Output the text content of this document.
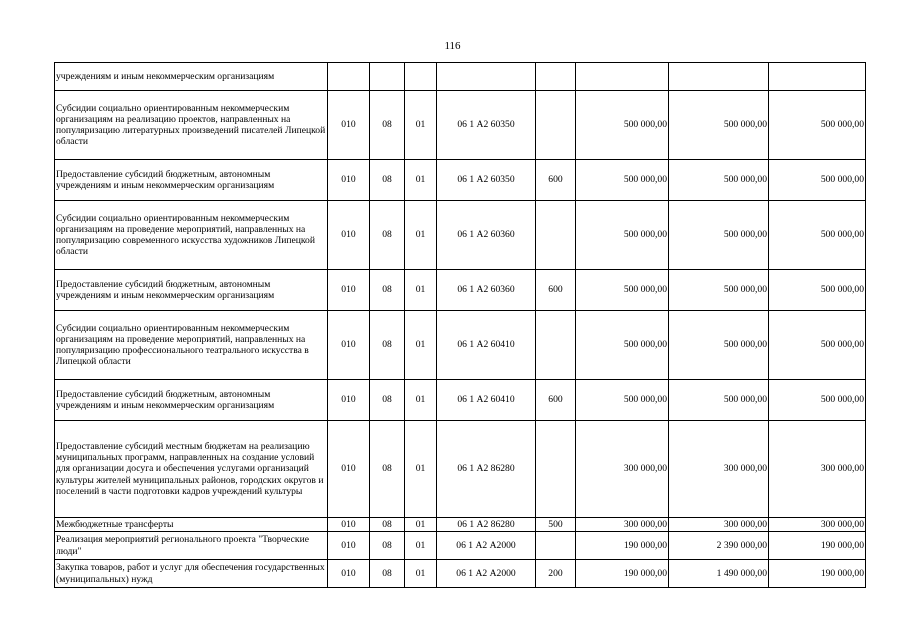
116
учреждениям и иным некоммерческим организациям								
Субсидии социально ориентированным некоммерческим организациям на реализацию проектов, направленных на популяризацию литературных произведений писателей Липецкой области	010	08	01	06 1 А2 60350		500 000,00	500 000,00	500 000,00
Предоставление субсидий бюджетным, автономным учреждениям и иным некоммерческим организациям	010	08	01	06 1 А2 60350	600	500 000,00	500 000,00	500 000,00
Субсидии социально ориентированным некоммерческим организациям на проведение мероприятий, направленных на популяризацию современного искусства художников Липецкой области	010	08	01	06 1 А2 60360		500 000,00	500 000,00	500 000,00
Предоставление субсидий бюджетным, автономным учреждениям и иным некоммерческим организациям	010	08	01	06 1 А2 60360	600	500 000,00	500 000,00	500 000,00
Субсидии социально ориентированным некоммерческим организациям на проведение мероприятий, направленных на популяризацию профессионального театрального искусства в Липецкой области	010	08	01	06 1 А2 60410		500 000,00	500 000,00	500 000,00
Предоставление субсидий бюджетным, автономным учреждениям и иным некоммерческим организациям	010	08	01	06 1 А2 60410	600	500 000,00	500 000,00	500 000,00
Предоставление субсидий местным бюджетам на реализацию муниципальных программ, направленных на создание условий для организации досуга и обеспечения услугами организаций культуры жителей муниципальных районов, городских округов и поселений в части подготовки кадров учреждений культуры	010	08	01	06 1 А2 86280		300 000,00	300 000,00	300 000,00
Межбюджетные трансферты	010	08	01	06 1 А2 86280	500	300 000,00	300 000,00	300 000,00
Реализация мероприятий регионального проекта "Творческие люди"	010	08	01	06 1 А2 А2000		190 000,00	2 390 000,00	190 000,00
Закупка товаров, работ и услуг для обеспечения государственных (муниципальных) нужд	010	08	01	06 1 А2 А2000	200	190 000,00	1 490 000,00	190 000,00
